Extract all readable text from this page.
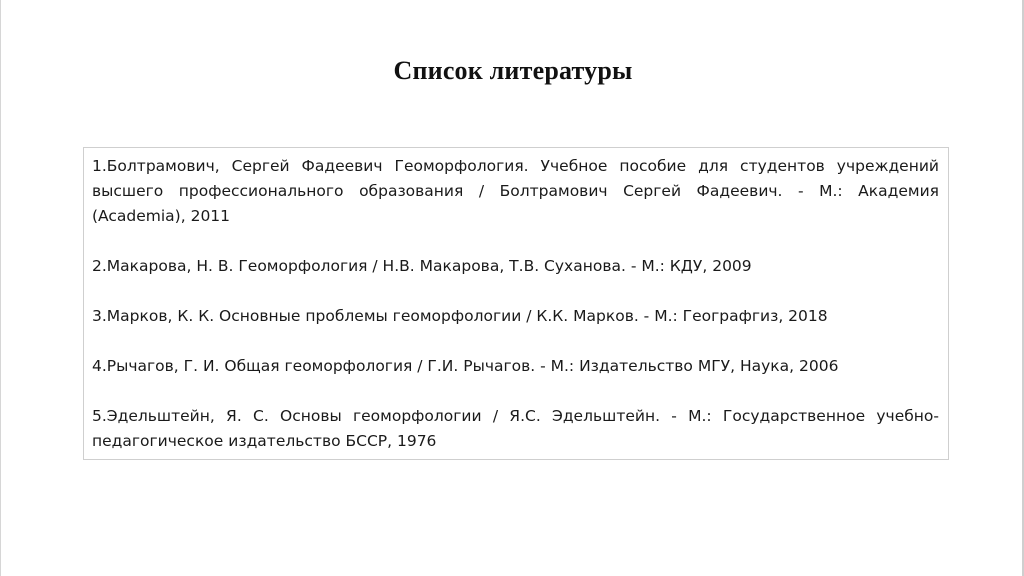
Список литературы

1.Болтрамович, Сергей Фадеевич Геоморфология. Учебное пособие для студентов учреждений высшего профессионального образования / Болтрамович Сергей Фадеевич. - М.: Академия (Academia), 2011

2.Макарова, Н. В. Геоморфология / Н.В. Макарова, Т.В. Суханова. - М.: КДУ, 2009

3.Марков, К. К. Основные проблемы геоморфологии / К.К. Марков. - М.: Географгиз, 2018

4.Рычагов, Г. И. Общая геоморфология / Г.И. Рычагов. - М.: Издательство МГУ, Наука, 2006

5.Эдельштейн, Я. С. Основы геоморфологии / Я.С. Эдельштейн. - М.: Государственное учебно-педагогическое издательство БССР, 1976
